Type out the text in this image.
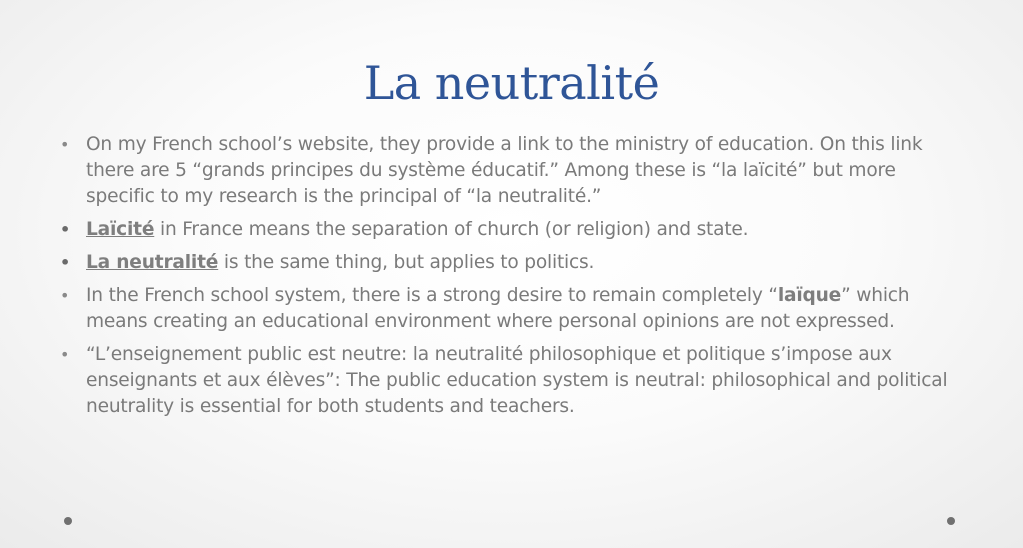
La neutralité
• On my French school’s website, they provide a link to the ministry of education. On this link there are 5 “grands principes du système éducatif.” Among these is “la laïcité” but more specific to my research is the principal of “la neutralité.”
• Laïcité in France means the separation of church (or religion) and state.
• La neutralité is the same thing, but applies to politics.
• In the French school system, there is a strong desire to remain completely “laïque” which means creating an educational environment where personal opinions are not expressed.
• “L’enseignement public est neutre: la neutralité philosophique et politique s’impose aux enseignants et aux élèves”: The public education system is neutral: philosophical and political neutrality is essential for both students and teachers.
